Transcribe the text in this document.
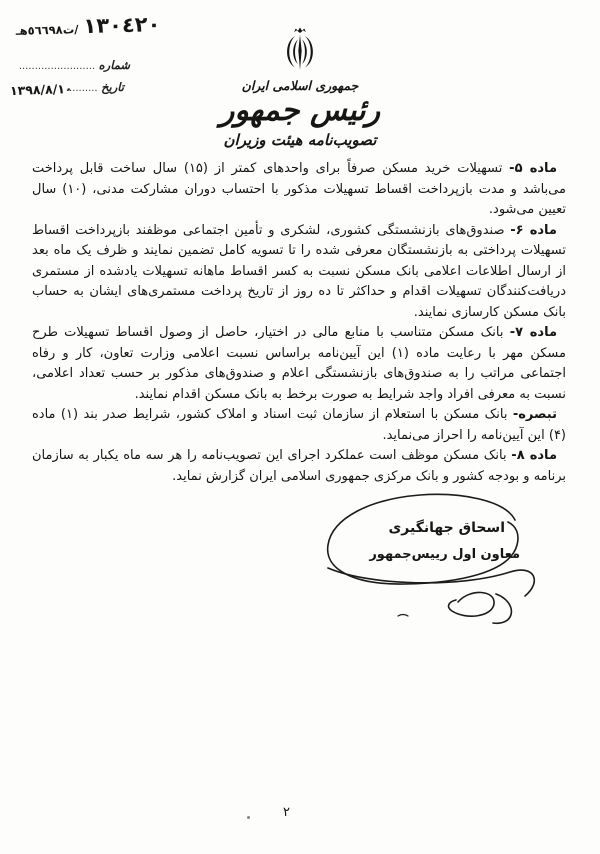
١٣٠٤٢٠ /ت٥٦٦٩٨هـ
شماره ........................
تاریخ ..........
۱۳۹۸/۸/۱۰	جمهوری اسلامی ایران
رئیس جمهور
تصویب‌نامه هیئت وزیران

ماده ۵- تسهیلات خرید مسکن صرفاً برای واحدهای کمتر از (۱۵) سال ساخت قابل پرداخت می‌باشد و مدت بازپرداخت اقساط تسهیلات مذکور با احتساب دوران مشارکت مدنی، (۱۰) سال تعیین می‌شود.

ماده ۶- صندوق‌های بازنشستگی کشوری، لشکری و تأمین اجتماعی موظفند بازپرداخت اقساط تسهیلات پرداختی به بازنشستگان معرفی شده را تا تسویه کامل تضمین نمایند و ظرف یک ماه بعد از ارسال اطلاعات اعلامی بانک مسکن نسبت به کسر اقساط ماهانه تسهیلات یادشده از مستمری دریافت‌کنندگان تسهیلات اقدام و حداکثر تا ده روز از تاریخ پرداخت مستمری‌های ایشان به حساب بانک مسکن کارسازی نمایند.

ماده ۷- بانک مسکن متناسب با منابع مالی در اختیار، حاصل از وصول اقساط تسهیلات طرح مسکن مهر با رعایت ماده (۱) این آیین‌نامه براساس نسبت اعلامی وزارت تعاون، کار و رفاه اجتماعی مراتب را به صندوق‌های بازنشستگی اعلام و صندوق‌های مذکور بر حسب تعداد اعلامی، نسبت به معرفی افراد واجد شرایط به صورت برخط به بانک مسکن اقدام نمایند.

تبصره- بانک مسکن با استعلام از سازمان ثبت اسناد و املاک کشور، شرایط صدر بند (۱) ماده (۴) این آیین‌نامه را احراز می‌نماید.

ماده ۸- بانک مسکن موظف است عملکرد اجرای این تصویب‌نامه را هر سه ماه یکبار به سازمان برنامه و بودجه کشور و بانک مرکزی جمهوری اسلامی ایران گزارش نماید.

اسحاق جهانگیری
معاون اول رییس‌جمهور
۲
